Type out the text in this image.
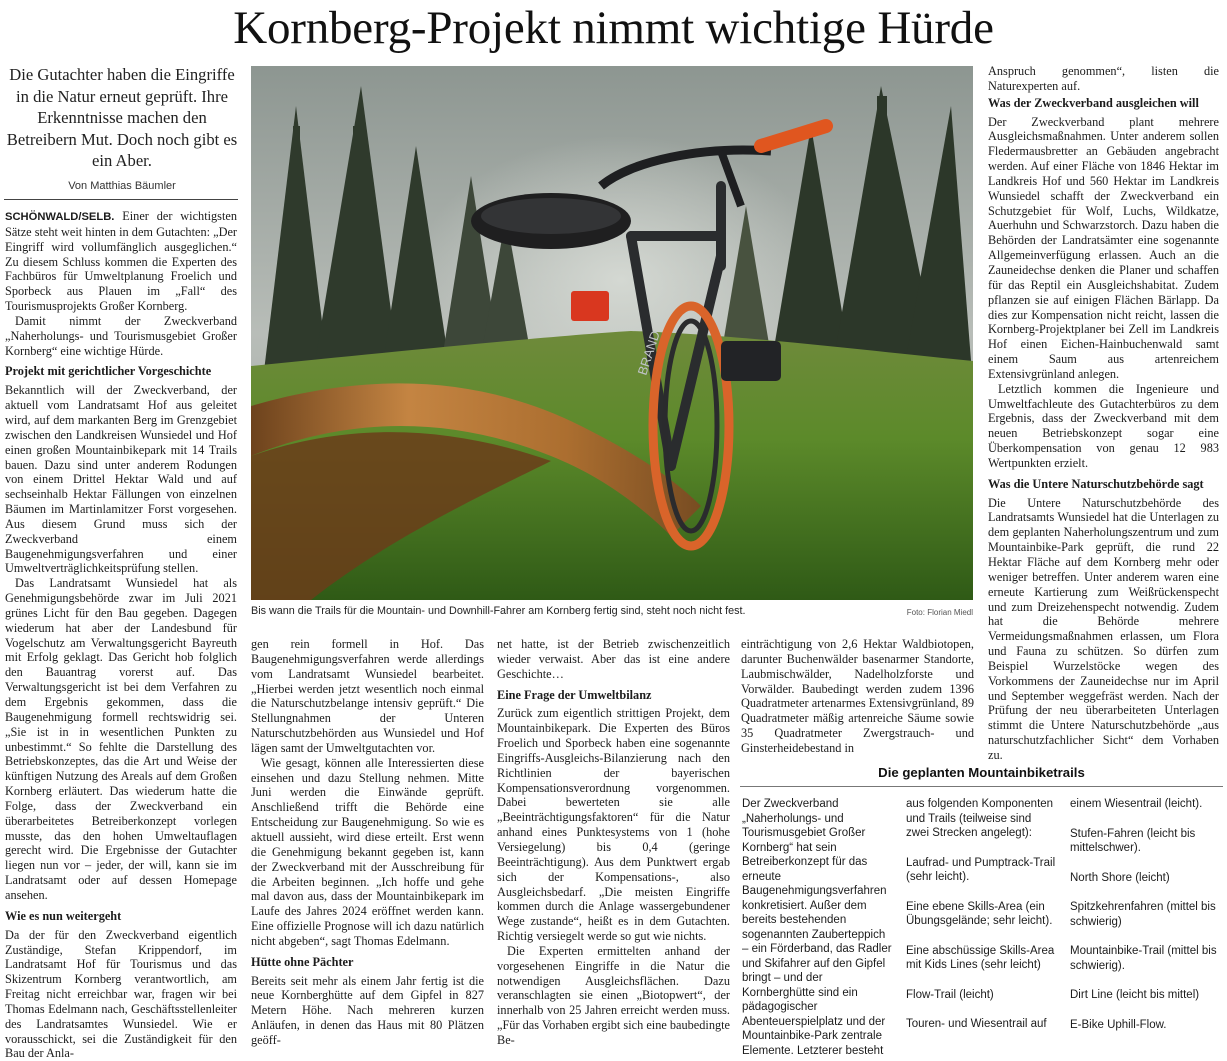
Kornberg-Projekt nimmt wichtige Hürde
Die Gutachter haben die Eingriffe in die Natur erneut geprüft. Ihre Erkenntnisse machen den Betreibern Mut. Doch noch gibt es ein Aber.
Von Matthias Bäumler

SCHÖNWALD/SELB. Einer der wichtigsten Sätze steht weit hinten in dem Gutachten: „Der Eingriff wird vollumfänglich ausgeglichen.“ Zu diesem Schluss kommen die Experten des Fachbüros für Umweltplanung Froelich und Sporbeck aus Plauen im „Fall“ des Tourismusprojekts Großer Kornberg.

Damit nimmt der Zweckverband „Naherholungs- und Tourismusgebiet Großer Kornberg“ eine wichtige Hürde.

Projekt mit gerichtlicher Vorgeschichte

Bekanntlich will der Zweckverband, der aktuell vom Landratsamt Hof aus geleitet wird, auf dem markanten Berg im Grenzgebiet zwischen den Landkreisen Wunsiedel und Hof einen großen Mountainbikepark mit 14 Trails bauen. Dazu sind unter anderem Rodungen von einem Drittel Hektar Wald und auf sechseinhalb Hektar Fällungen von einzelnen Bäumen im Martinlamitzer Forst vorgesehen. Aus diesem Grund muss sich der Zweckverband einem Baugenehmigungsverfahren und einer Umweltverträglichkeitsprüfung stellen.

Das Landratsamt Wunsiedel hat als Genehmigungsbehörde zwar im Juli 2021 grünes Licht für den Bau gegeben. Dagegen wiederum hat aber der Landesbund für Vogelschutz am Verwaltungsgericht Bayreuth mit Erfolg geklagt. Das Gericht hob folglich den Bauantrag vorerst auf. Das Verwaltungsgericht ist bei dem Verfahren zu dem Ergebnis gekommen, dass die Baugenehmigung formell rechtswidrig sei. „Sie ist in in wesentlichen Punkten zu unbestimmt.“ So fehlte die Darstellung des Betriebskonzeptes, das die Art und Weise der künftigen Nutzung des Areals auf dem Großen Kornberg erläutert. Das wiederum hatte die Folge, dass der Zweckverband ein überarbeitetes Betreiberkonzept vorlegen musste, das den hohen Umweltauflagen gerecht wird. Die Ergebnisse der Gutachter liegen nun vor – jeder, der will, kann sie im Landratsamt oder auf dessen Homepage ansehen.

Wie es nun weitergeht

Da der für den Zweckverband eigentlich Zuständige, Stefan Krippendorf, im Landratsamt Hof für Tourismus und das Skizentrum Kornberg verantwortlich, am Freitag nicht erreichbar war, fragen wir bei Thomas Edelmann nach, Geschäftsstellenleiter des Landratsamtes Wunsiedel. Wie er vorausschickt, sei die Zuständigkeit für den Bau der Anla-

BRAND
Bis wann die Trails für die Mountain- und Downhill-Fahrer am Kornberg fertig sind, steht noch nicht fest.	Foto: Florian Miedl

gen rein formell in Hof. Das Baugenehmigungsverfahren werde allerdings vom Landratsamt Wunsiedel bearbeitet. „Hierbei werden jetzt wesentlich noch einmal die Naturschutzbelange intensiv geprüft.“ Die Stellungnahmen der Unteren Naturschutzbehörden aus Wunsiedel und Hof lägen samt der Umweltgutachten vor.

Wie gesagt, können alle Interessierten diese einsehen und dazu Stellung nehmen. Mitte Juni werden die Einwände geprüft. Anschließend trifft die Behörde eine Entscheidung zur Baugenehmigung. So wie es aktuell aussieht, wird diese erteilt. Erst wenn die Genehmigung bekannt gegeben ist, kann der Zweckverband mit der Ausschreibung für die Arbeiten beginnen. „Ich hoffe und gehe mal davon aus, dass der Mountainbikepark im Laufe des Jahres 2024 eröffnet werden kann. Eine offizielle Prognose will ich dazu natürlich nicht abgeben“, sagt Thomas Edelmann.

Hütte ohne Pächter

Bereits seit mehr als einem Jahr fertig ist die neue Kornberghütte auf dem Gipfel in 827 Metern Höhe. Nach mehreren kurzen Anläufen, in denen das Haus mit 80 Plätzen geöff-

net hatte, ist der Betrieb zwischenzeitlich wieder verwaist. Aber das ist eine andere Geschichte…

Eine Frage der Umweltbilanz

Zurück zum eigentlich strittigen Projekt, dem Mountainbikepark. Die Experten des Büros Froelich und Sporbeck haben eine sogenannte Eingriffs-Ausgleichs-Bilanzierung nach den Richtlinien der bayerischen Kompensationsverordnung vorgenommen. Dabei bewerteten sie alle „Beeinträchtigungsfaktoren“ für die Natur anhand eines Punktesystems von 1 (hohe Versiegelung) bis 0,4 (geringe Beeinträchtigung). Aus dem Punktwert ergab sich der Kompensations-, also Ausgleichsbedarf. „Die meisten Eingriffe kommen durch die Anlage wassergebundener Wege zustande“, heißt es in dem Gutachten. Richtig versiegelt werde so gut wie nichts.

Die Experten ermittelten anhand der vorgesehenen Eingriffe in die Natur die notwendigen Ausgleichsflächen. Dazu veranschlagten sie einen „Biotopwert“, der innerhalb von 25 Jahren erreicht werden muss. „Für das Vorhaben ergibt sich eine baubedingte Be-

einträchtigung von 2,6 Hektar Waldbiotopen, darunter Buchenwälder basenarmer Standorte, Laubmischwälder, Nadelholzforste und Vorwälder. Baubedingt werden zudem 1396 Quadratmeter artenarmes Extensivgrünland, 89 Quadratmeter mäßig artenreiche Säume sowie 35 Quadratmeter Zwergstrauch- und Ginsterheidebestand in

Anspruch genommen“, listen die Naturexperten auf.

Was der Zweckverband ausgleichen will

Der Zweckverband plant mehrere Ausgleichsmaßnahmen. Unter anderem sollen Fledermausbretter an Gebäuden angebracht werden. Auf einer Fläche von 1846 Hektar im Landkreis Hof und 560 Hektar im Landkreis Wunsiedel schafft der Zweckverband ein Schutzgebiet für Wolf, Luchs, Wildkatze, Auerhuhn und Schwarzstorch. Dazu haben die Behörden der Landratsämter eine sogenannte Allgemeinverfügung erlassen. Auch an die Zauneidechse denken die Planer und schaffen für das Reptil ein Ausgleichshabitat. Zudem pflanzen sie auf einigen Flächen Bärlapp. Da dies zur Kompensation nicht reicht, lassen die Kornberg-Projektplaner bei Zell im Landkreis Hof einen Eichen-Hainbuchenwald samt einem Saum aus artenreichem Extensivgrünland anlegen.

Letztlich kommen die Ingenieure und Umweltfachleute des Gutachterbüros zu dem Ergebnis, dass der Zweckverband mit dem neuen Betriebskonzept sogar eine Überkompensation von genau 12 983 Wertpunkten erzielt.

Was die Untere Naturschutzbehörde sagt

Die Untere Naturschutzbehörde des Landratsamts Wunsiedel hat die Unterlagen zu dem geplanten Naherholungszentrum und zum Mountainbike-Park geprüft, die rund 22 Hektar Fläche auf dem Kornberg mehr oder weniger betreffen. Unter anderem waren eine erneute Kartierung zum Weißrückenspecht und zum Dreizehenspecht notwendig. Zudem hat die Behörde mehrere Vermeidungsmaßnahmen erlassen, um Flora und Fauna zu schützen. So dürfen zum Beispiel Wurzelstöcke wegen des Vorkommens der Zauneidechse nur im April und September weggefräst werden. Nach der Prüfung der neu überarbeiteten Unterlagen stimmt die Untere Naturschutzbehörde „aus naturschutzfachlicher Sicht“ dem Vorhaben zu.

Die geplanten Mountainbiketrails

Der Zweckverband „Naherholungs- und Tourismusgebiet Großer Kornberg“ hat sein Betreiberkonzept für das erneute Baugenehmigungsverfahren konkretisiert. Außer dem bereits bestehenden sogenannten Zauberteppich – ein Förderband, das Radler und Skifahrer auf den Gipfel bringt – und der Kornberghütte sind ein pädagogischer Abenteuerspielplatz und der Mountainbike-Park zentrale Elemente. Letzterer besteht

aus folgenden Komponenten und Trails (teilweise sind zwei Strecken angelegt):
Laufrad- und Pumptrack-Trail (sehr leicht).
Eine ebene Skills-Area (ein Übungsgelände; sehr leicht).
Eine abschüssige Skills-Area mit Kids Lines (sehr leicht)
Flow-Trail (leicht)
Touren- und Wiesentrail auf
einem Wiesentrail (leicht).
Stufen-Fahren (leicht bis mittelschwer).
North Shore (leicht)
Spitzkehrenfahren (mittel bis schwierig)
Mountainbike-Trail (mittel bis schwierig).
Dirt Line (leicht bis mittel)
E-Bike Uphill-Flow.
